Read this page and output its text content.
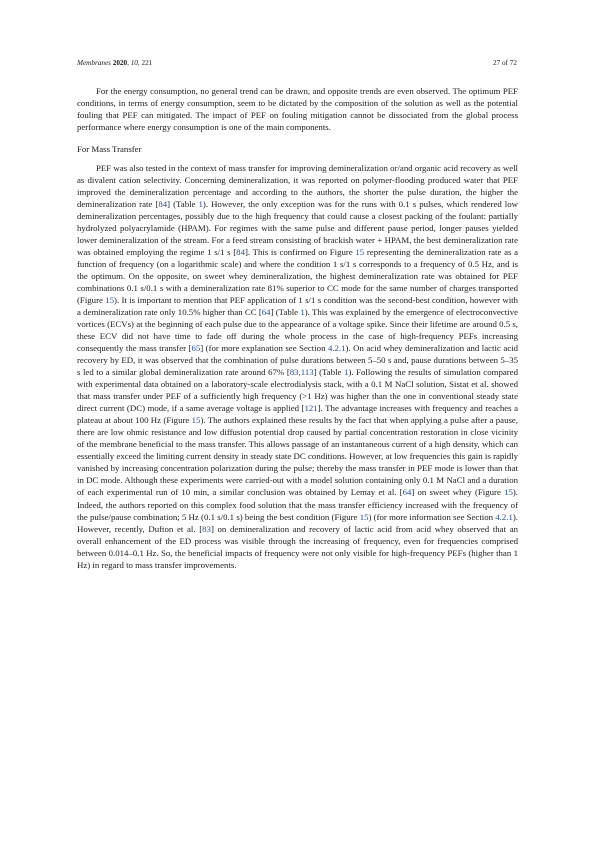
Membranes 2020, 10, 221	27 of 72

For the energy consumption, no general trend can be drawn, and opposite trends are even observed. The optimum PEF conditions, in terms of energy consumption, seem to be dictated by the composition of the solution as well as the potential fouling that PEF can mitigated. The impact of PEF on fouling mitigation cannot be dissociated from the global process performance where energy consumption is one of the main components.

For Mass Transfer

PEF was also tested in the context of mass transfer for improving demineralization or/and organic acid recovery as well as divalent cation selectivity. Concerning demineralization, it was reported on polymer-flooding produced water that PEF improved the demineralization percentage and according to the authors, the shorter the pulse duration, the higher the demineralization rate [84] (Table 1). However, the only exception was for the runs with 0.1 s pulses, which rendered low demineralization percentages, possibly due to the high frequency that could cause a closest packing of the foulant: partially hydrolyzed polyacrylamide (HPAM). For regimes with the same pulse and different pause period, longer pauses yielded lower demineralization of the stream. For a feed stream consisting of brackish water + HPAM, the best demineralization rate was obtained employing the regime 1 s/1 s [84]. This is confirmed on Figure 15 representing the demineralization rate as a function of frequency (on a logarithmic scale) and where the condition 1 s/1 s corresponds to a frequency of 0.5 Hz, and is the optimum. On the opposite, on sweet whey demineralization, the highest demineralization rate was obtained for PEF combinations 0.1 s/0.1 s with a demineralization rate 81% superior to CC mode for the same number of charges transported (Figure 15). It is important to mention that PEF application of 1 s/1 s condition was the second-best condition, however with a demineralization rate only 10.5% higher than CC [64] (Table 1). This was explained by the emergence of electroconvective vortices (ECVs) at the beginning of each pulse due to the appearance of a voltage spike. Since their lifetime are around 0.5 s, these ECV did not have time to fade off during the whole process in the case of high-frequency PEFs increasing consequently the mass transfer [65] (for more explanation see Section 4.2.1). On acid whey demineralization and lactic acid recovery by ED, it was observed that the combination of pulse durations between 5–50 s and, pause durations between 5–35 s led to a similar global demineralization rate around 67% [83,113] (Table 1). Following the results of simulation compared with experimental data obtained on a laboratory-scale electrodialysis stack, with a 0.1 M NaCl solution, Sistat et al. showed that mass transfer under PEF of a sufficiently high frequency (>1 Hz) was higher than the one in conventional steady state direct current (DC) mode, if a same average voltage is applied [121]. The advantage increases with frequency and reaches a plateau at about 100 Hz (Figure 15). The authors explained these results by the fact that when applying a pulse after a pause, there are low ohmic resistance and low diffusion potential drop caused by partial concentration restoration in close vicinity of the membrane beneficial to the mass transfer. This allows passage of an instantaneous current of a high density, which can essentially exceed the limiting current density in steady state DC conditions. However, at low frequencies this gain is rapidly vanished by increasing concentration polarization during the pulse; thereby the mass transfer in PEF mode is lower than that in DC mode. Although these experiments were carried-out with a model solution containing only 0.1 M NaCl and a duration of each experimental run of 10 min, a similar conclusion was obtained by Lemay et al. [64] on sweet whey (Figure 15). Indeed, the authors reported on this complex food solution that the mass transfer efficiency increased with the frequency of the pulse/pause combination; 5 Hz (0.1 s/0.1 s) being the best condition (Figure 15) (for more information see Section 4.2.1). However, recently, Dufton et al. [83] on demineralization and recovery of lactic acid from acid whey observed that an overall enhancement of the ED process was visible through the increasing of frequency, even for frequencies comprised between 0.014–0.1 Hz. So, the beneficial impacts of frequency were not only visible for high-frequency PEFs (higher than 1 Hz) in regard to mass transfer improvements.
